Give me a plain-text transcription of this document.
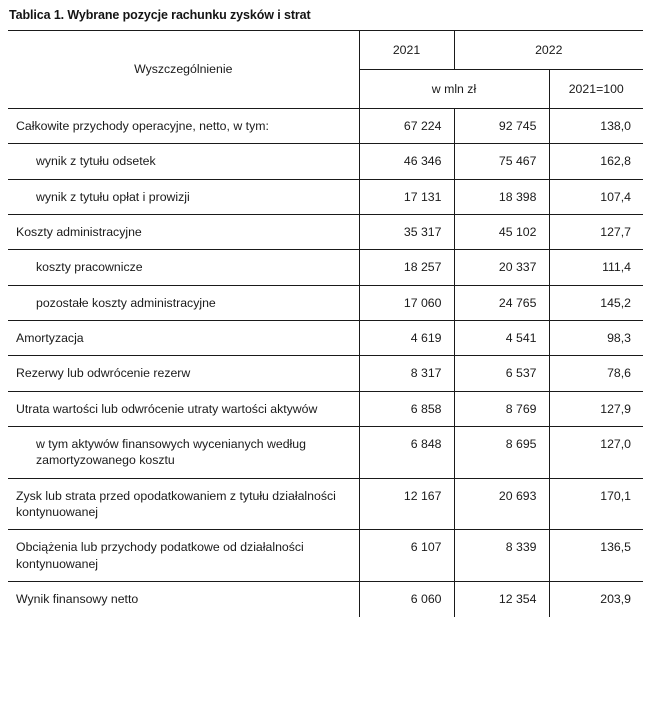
Tablica 1. Wybrane pozycje rachunku zysków i strat
Wyszczególnienie	2021	2022	
	w mln zł		2021=100
Całkowite przychody operacyjne, netto, w tym:	67 224	92 745	138,0
wynik z tytułu odsetek	46 346	75 467	162,8
wynik z tytułu opłat i prowizji	17 131	18 398	107,4
Koszty administracyjne	35 317	45 102	127,7
koszty pracownicze	18 257	20 337	111,4
pozostałe koszty administracyjne	17 060	24 765	145,2
Amortyzacja	4 619	4 541	98,3
Rezerwy lub odwrócenie rezerw	8 317	6 537	78,6
Utrata wartości lub odwrócenie utraty wartości aktywów	6 858	8 769	127,9
w tym aktywów finansowych wycenianych według zamortyzowanego kosztu	6 848	8 695	127,0
Zysk lub strata przed opodatkowaniem z tytułu działalności kontynuowanej	12 167	20 693	170,1
Obciążenia lub przychody podatkowe od działalności kontynuowanej	6 107	8 339	136,5
Wynik finansowy netto	6 060	12 354	203,9
